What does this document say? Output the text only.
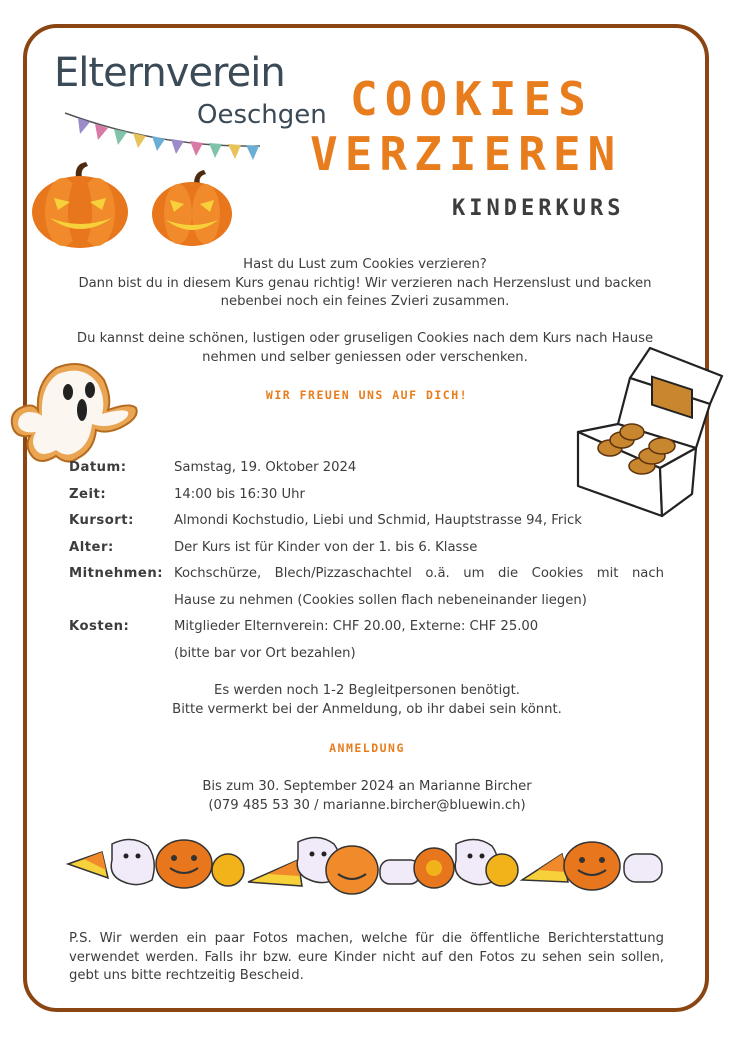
Elternverein
Oeschgen COOKIES
VERZIEREN
KINDERKURS

Hast du Lust zum Cookies verzieren?

Dann bist du in diesem Kurs genau richtig! Wir verzieren nach Herzenslust und backen

nebenbei noch ein feines Zvieri zusammen.

Du kannst deine schönen, lustigen oder gruseligen Cookies nach dem Kurs nach Hause

nehmen und selber geniessen oder verschenken.

WIR FREUEN UNS AUF DICH!
Datum:	Samstag, 19. Oktober 2024
Zeit:	14:00 bis 16:30 Uhr
Kursort:	Almondi Kochstudio, Liebi und Schmid, Hauptstrasse 94, Frick
Alter:	Der Kurs ist für Kinder von der 1. bis 6. Klasse
Mitnehmen: Kochschürze, Blech/Pizzaschachtel o.ä. um die Cookies mit nach
Hause zu nehmen (Cookies sollen flach nebeneinander liegen)
Kosten:	Mitglieder Elternverein: CHF 20.00, Externe: CHF 25.00
(bitte bar vor Ort bezahlen)

Es werden noch 1-2 Begleitpersonen benötigt.

Bitte vermerkt bei der Anmeldung, ob ihr dabei sein könnt.

ANMELDUNG

Bis zum 30. September 2024 an Marianne Bircher

(079 485 53 30 / marianne.bircher@bluewin.ch)

P.S. Wir werden ein paar Fotos machen, welche für die öffentliche Berichterstattung verwendet werden. Falls ihr bzw. eure Kinder nicht auf den Fotos zu sehen sein sollen, gebt uns bitte rechtzeitig Bescheid.
